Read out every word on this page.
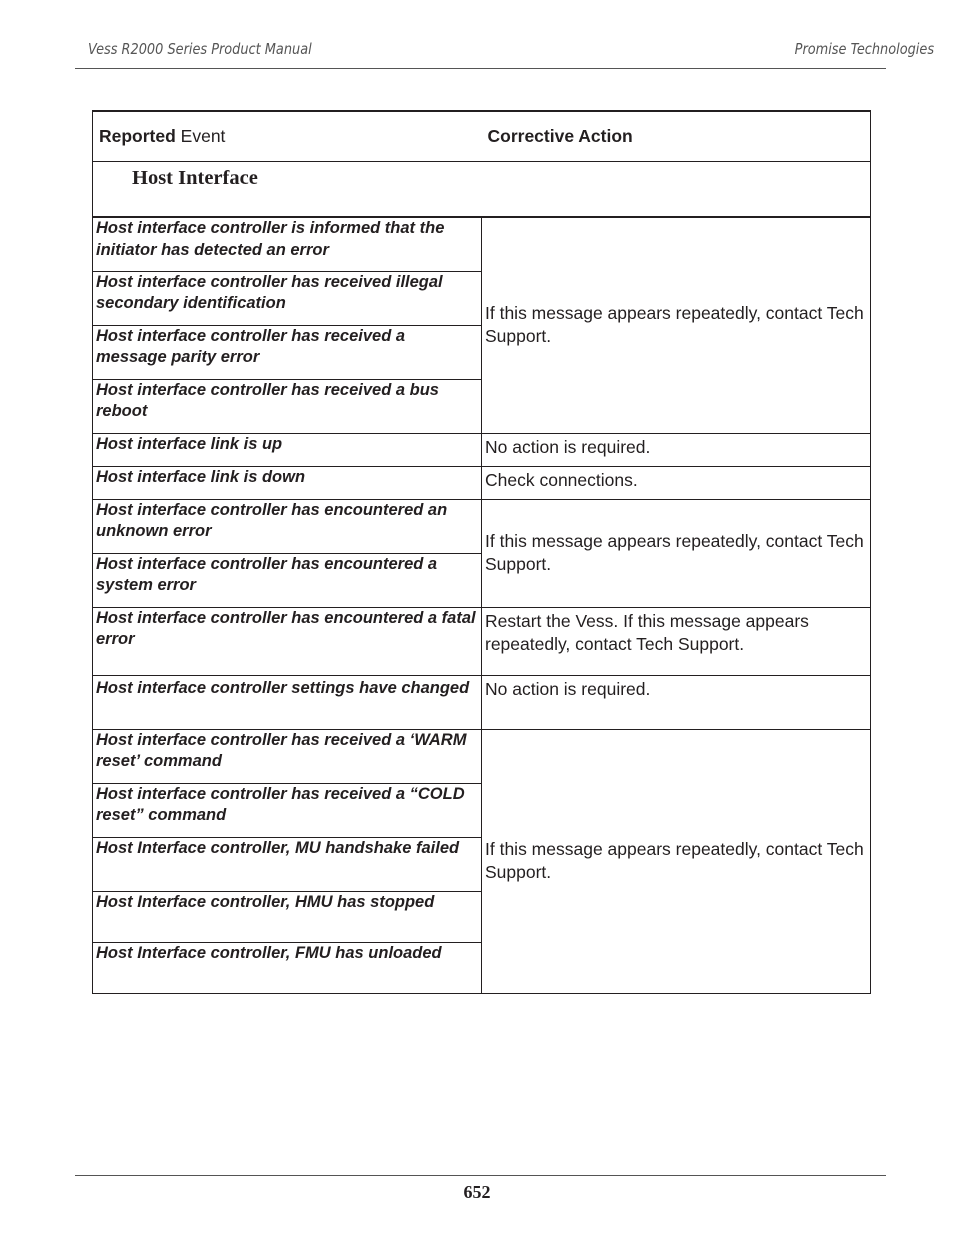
Vess R2000 Series Product Manual	Promise Technologies
Reported Event	Corrective Action
Host Interface	
Host interface controller is informed that the initiator has detected an error	If this message appears repeatedly, contact Tech Support.
Host interface controller has received illegal secondary identification	
Host interface controller has received a message parity error	
Host interface controller has received a bus reboot	
Host interface link is up	No action is required.
Host interface link is down	Check connections.
Host interface controller has encountered an unknown error	If this message appears repeatedly, contact Tech Support.
Host interface controller has encountered a system error	
Host interface controller has encountered a fatal error	Restart the Vess. If this message appears repeatedly, contact Tech Support.
Host interface controller settings have changed	No action is required.
Host interface controller has received a ‘WARM reset’ command	If this message appears repeatedly, contact Tech Support.
Host interface controller has received a “COLD reset” command	
Host Interface controller, MU handshake failed	
Host Interface controller, HMU has stopped	
Host Interface controller, FMU has unloaded	
652
